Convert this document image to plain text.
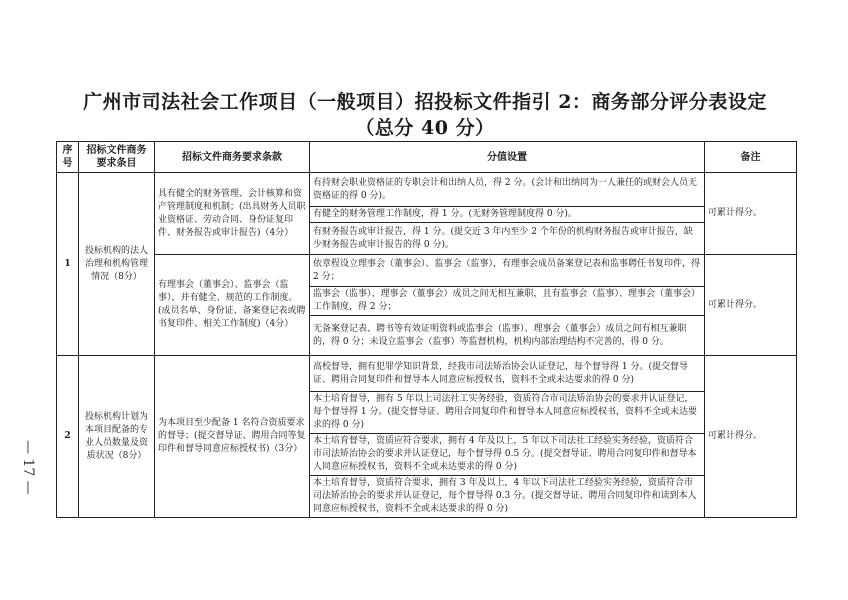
— 17 —
广州市司法社会工作项目（一般项目）招投标文件指引 2：商务部分评分表设定
（总分 40 分）
序号	招标文件商务要求条目	招标文件商务要求条款	分值设置	备注
1	投标机构的法人治理和机构管理情况（8分）	具有健全的财务管理、会计核算和资产管理制度和机制；(出具财务人员职业资格证、劳动合同、身份证复印件、财务报告或审计报告)（4分）	有持财会职业资格证的专职会计和出纳人员，得 2 分。(会计和出纳同为一人兼任的或财会人员无资格证的得 0 分)。	可累计得分。
			有健全的财务管理工作制度，得 1 分。(无财务管理制度得 0 分)。	
			有财务报告或审计报告，得 1 分。(提交近 3 年内至少 2 个年份的机构财务报告或审计报告，缺少财务报告或审计报告的得 0 分)。	
		有理事会（董事会）、监事会（监事），并有健全、规范的工作制度。(成员名单、身份证、备案登记表或聘书复印件、相关工作制度)（4分）	依章程设立理事会（董事会）、监事会（监事），有理事会成员备案登记表和监事聘任书复印件，得 2 分；	可累计得分。
			监事会（监事）、理事会（董事会）成员之间无相互兼职，且有监事会（监事）、理事会（董事会）工作制度，得 2 分；	
			无备案登记表、聘书等有效证明资料或监事会（监事）、理事会（董事会）成员之间有相互兼职的，得 0 分；未设立监事会（监事）等监督机构，机构内部治理结构不完善的，得 0 分。	
2	投标机构计划为本项目配备的专业人员数量及资质状况（8分）	为本项目至少配备 1 名符合资质要求的督导；(提交督导证、聘用合同等复印件和督导同意应标授权书)（3分）	高校督导，拥有犯罪学知识背景，经我市司法矫治协会认证登记，每个督导得 1 分。(提交督导证、聘用合同复印件和督导本人同意应标授权书，资料不全或未达要求的得 0 分)	可累计得分。
			本土培育督导，拥有 5 年以上司法社工实务经验，资质符合市司法矫治协会的要求并认证登记，每个督导得 1 分。(提交督导证、聘用合同复印件和督导本人同意应标授权书，资料不全或未达要求的得 0 分)	
			本土培育督导，资质应符合要求，拥有 4 年及以上，5 年以下司法社工经验实务经验，资质符合市司法矫治协会的要求并认证登记，每个督导得 0.5 分。(提交督导证、聘用合同复印件和督导本人同意应标授权书，资料不全或未达要求的得 0 分)	
			本土培育督导，资质符合要求，拥有 3 年及以上，4 年以下司法社工经验实务经验，资质符合市司法矫治协会的要求并认证登记，每个督导得 0.3 分。(提交督导证、聘用合同复印件和读到本人同意应标授权书，资料不全或未达要求的得 0 分)	
